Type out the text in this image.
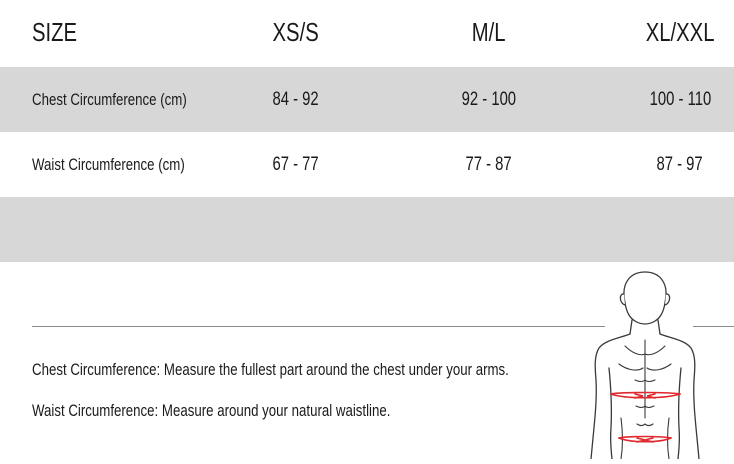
SIZE	XS/S	M/L	XL/XXL
Chest Circumference (cm)	84 - 92	92 - 100	100 - 110
Waist Circumference (cm)	67 - 77	77 - 87	87 - 97
Chest Circumference: Measure the fullest part around the chest under your arms.
Waist Circumference: Measure around your natural waistline.
